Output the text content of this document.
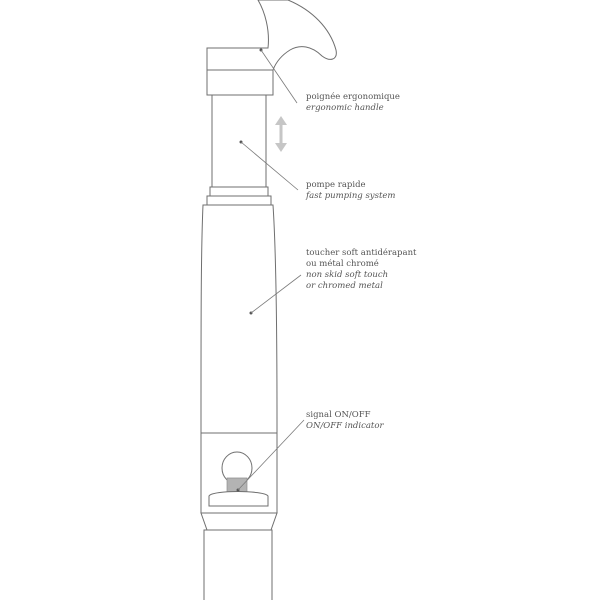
poignée ergonomique
ergonomic handle
pompe rapide
fast pumping system
toucher soft antidérapant
ou métal chromé
non skid soft touch
or chromed metal
signal ON/OFF
ON/OFF indicator
